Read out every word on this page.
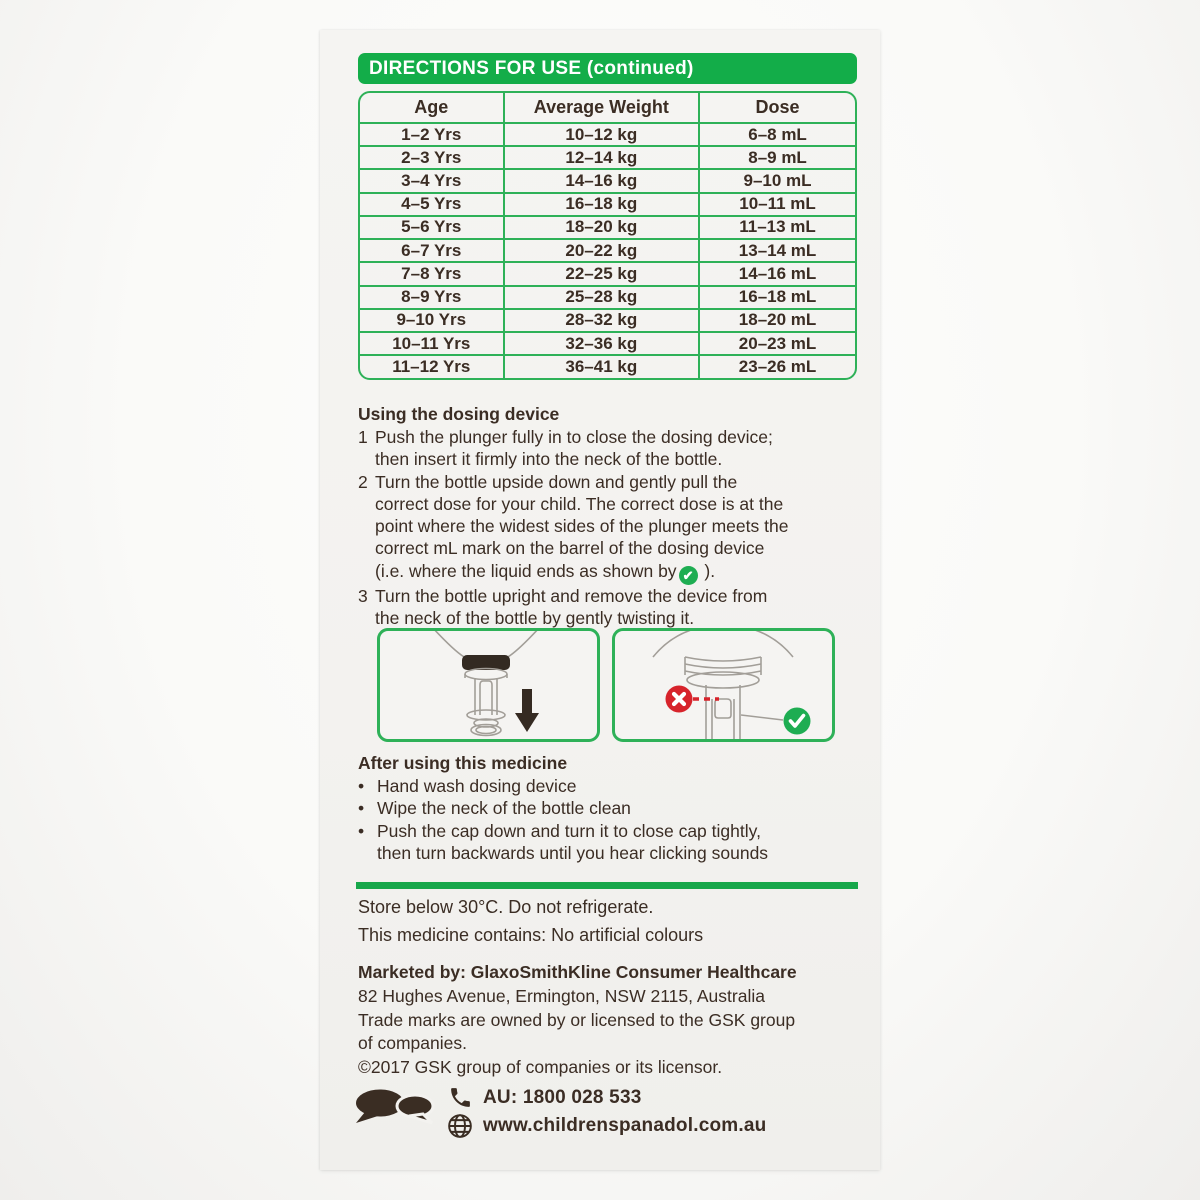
DIRECTIONS FOR USE (continued)
Age	Average Weight	Dose
1–2 Yrs	10–12 kg	6–8 mL
2–3 Yrs	12–14 kg	8–9 mL
3–4 Yrs	14–16 kg	9–10 mL
4–5 Yrs	16–18 kg	10–11 mL
5–6 Yrs	18–20 kg	11–13 mL
6–7 Yrs	20–22 kg	13–14 mL
7–8 Yrs	22–25 kg	14–16 mL
8–9 Yrs	25–28 kg	16–18 mL
9–10 Yrs	28–32 kg	18–20 mL
10–11 Yrs	32–36 kg	20–23 mL
11–12 Yrs	36–41 kg	23–26 mL
Using the dosing device
1 Push the plunger fully in to close the dosing device;
then insert it firmly into the neck of the bottle.
2 Turn the bottle upside down and gently pull the
correct dose for your child. The correct dose is at the
point where the widest sides of the plunger meets the
correct mL mark on the barrel of the dosing device
(i.e. where the liquid ends as shown by ✔ ).
3 Turn the bottle upright and remove the device from
the neck of the bottle by gently twisting it.
After using this medicine
• Hand wash dosing device
• Wipe the neck of the bottle clean
• Push the cap down and turn it to close cap tightly,
then turn backwards until you hear clicking sounds
Store below 30°C. Do not refrigerate.
This medicine contains: No artificial colours
Marketed by: GlaxoSmithKline Consumer Healthcare
82 Hughes Avenue, Ermington, NSW 2115, Australia
Trade marks are owned by or licensed to the GSK group
of companies.
©2017 GSK group of companies or its licensor.
AU: 1800 028 533
www.childrenspanadol.com.au
